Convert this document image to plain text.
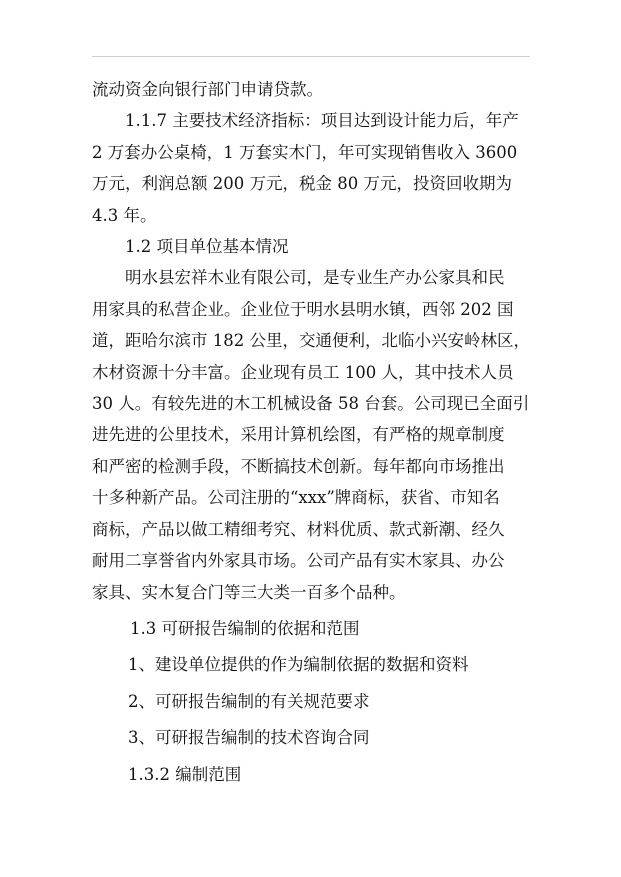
流动资金向银行部门申请贷款。

1.1.7 主要技术经济指标：项目达到设计能力后，年产

2 万套办公桌椅，1 万套实木门，年可实现销售收入 3600

万元，利润总额 200 万元，税金 80 万元，投资回收期为

4.3 年。

1.2 项目单位基本情况

明水县宏祥木业有限公司，是专业生产办公家具和民

用家具的私营企业。企业位于明水县明水镇，西邻 202 国

道，距哈尔滨市 182 公里，交通便利，北临小兴安岭林区，

木材资源十分丰富。企业现有员工 100 人，其中技术人员

30 人。有较先进的木工机械设备 58 台套。公司现已全面引

进先进的公里技术，采用计算机绘图，有严格的规章制度

和严密的检测手段，不断搞技术创新。每年都向市场推出

十多种新产品。公司注册的“xxx”牌商标，获省、市知名

商标，产品以做工精细考究、材料优质、款式新潮、经久

耐用二享誉省内外家具市场。公司产品有实木家具、办公

家具、实木复合门等三大类一百多个品种。

1.3 可研报告编制的依据和范围

1、建设单位提供的作为编制依据的数据和资料

2、可研报告编制的有关规范要求

3、可研报告编制的技术咨询合同

1.3.2 编制范围
